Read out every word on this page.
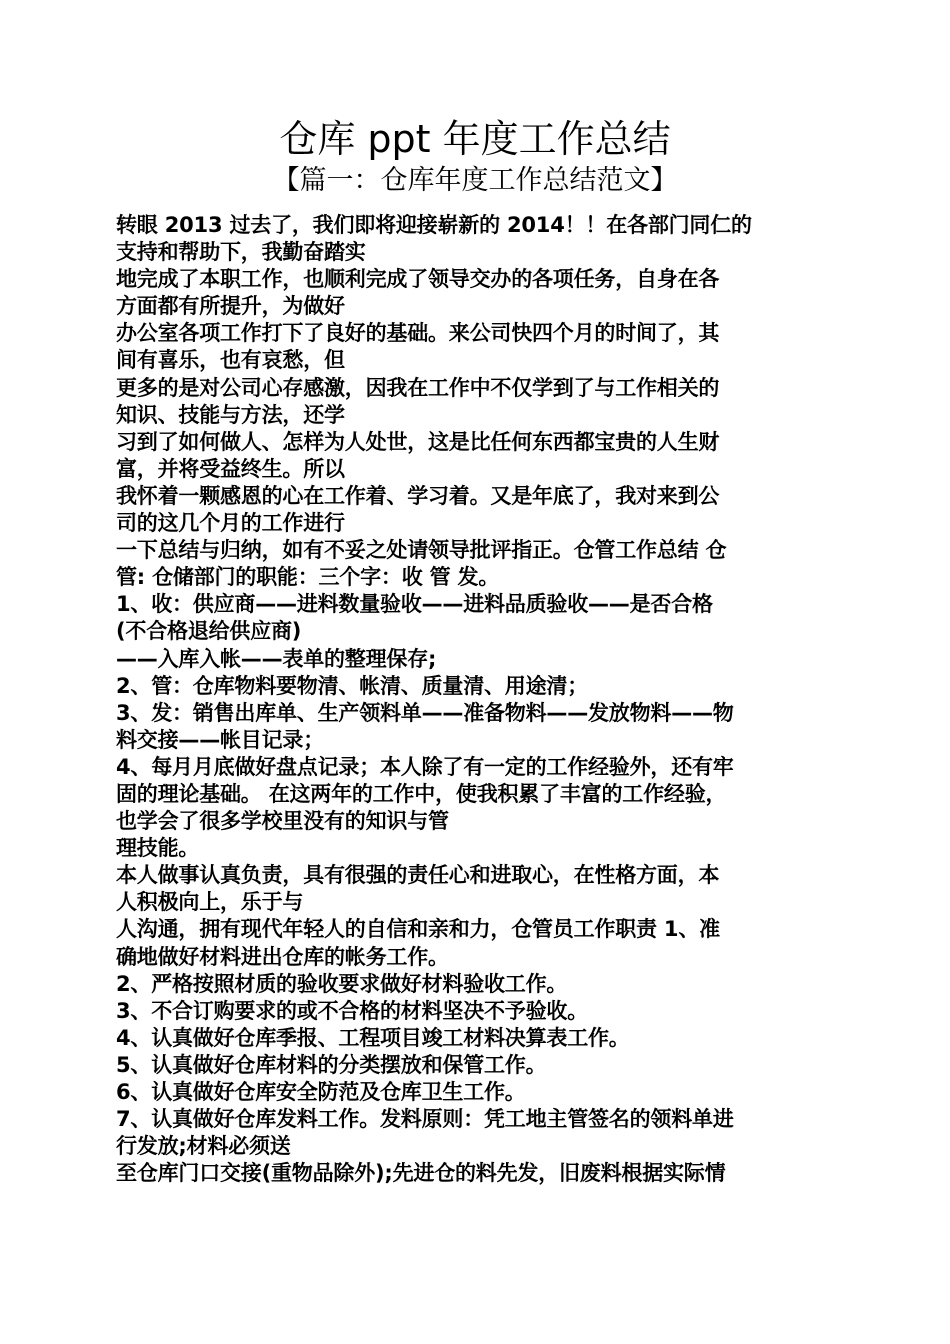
仓库 ppt 年度工作总结
【篇一：仓库年度工作总结范文】
转眼 2013 过去了，我们即将迎接崭新的 2014！！在各部门同仁的
支持和帮助下，我勤奋踏实
地完成了本职工作，也顺利完成了领导交办的各项任务，自身在各
方面都有所提升，为做好
办公室各项工作打下了良好的基础。来公司快四个月的时间了，其
间有喜乐，也有哀愁，但
更多的是对公司心存感激，因我在工作中不仅学到了与工作相关的
知识、技能与方法，还学
习到了如何做人、怎样为人处世，这是比任何东西都宝贵的人生财
富，并将受益终生。所以
我怀着一颗感恩的心在工作着、学习着。又是年底了，我对来到公
司的这几个月的工作进行
一下总结与归纳，如有不妥之处请领导批评指正。仓管工作总结 仓
管: 仓储部门的职能：三个字：收 管 发。
1、收：供应商——进料数量验收——进料品质验收——是否合格
(不合格退给供应商)
——入库入帐——表单的整理保存;
2、管：仓库物料要物清、帐清、质量清、用途清；
3、发：销售出库单、生产领料单——准备物料——发放物料——物
料交接——帐目记录；
4、每月月底做好盘点记录；本人除了有一定的工作经验外，还有牢
固的理论基础。 在这两年的工作中，使我积累了丰富的工作经验，
也学会了很多学校里没有的知识与管
理技能。
本人做事认真负责，具有很强的责任心和进取心，在性格方面，本
人积极向上，乐于与
人沟通，拥有现代年轻人的自信和亲和力，仓管员工作职责 1、准
确地做好材料进出仓库的帐务工作。
2、严格按照材质的验收要求做好材料验收工作。
3、不合订购要求的或不合格的材料坚决不予验收。
4、认真做好仓库季报、工程项目竣工材料决算表工作。
5、认真做好仓库材料的分类摆放和保管工作。
6、认真做好仓库安全防范及仓库卫生工作。
7、认真做好仓库发料工作。发料原则：凭工地主管签名的领料单进
行发放;材料必须送
至仓库门口交接(重物品除外);先进仓的料先发，旧废料根据实际情
